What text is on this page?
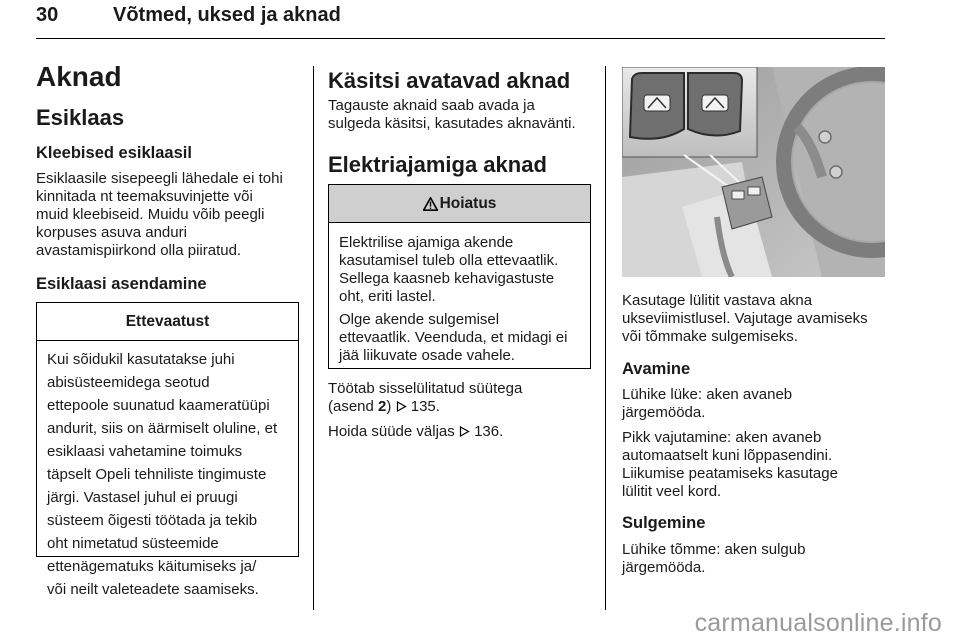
30	Võtmed, uksed ja aknad
Aknad
Esiklaas
Kleebised esiklaasil

Esiklaasile sisepeegli lähedale ei tohi

kinnitada nt teemaksuvinjette või

muid kleebiseid. Muidu võib peegli

korpuses asuva anduri

avastamispiirkond olla piiratud.

Esiklaasi asendamine
Ettevaatust

Kui sõidukil kasutatakse juhi

abisüsteemidega seotud

ettepoole suunatud kaameratüüpi

andurit, siis on äärmiselt oluline, et

esiklaasi vahetamine toimuks

täpselt Opeli tehniliste tingimuste

järgi. Vastasel juhul ei pruugi

süsteem õigesti töötada ja tekib

oht nimetatud süsteemide

ettenägematuks käitumiseks ja/

või neilt valeteadete saamiseks.

Käsitsi avatavad aknad

Tagauste aknaid saab avada ja

sulgeda käsitsi, kasutades aknavänti.

Elektriajamiga aknad
Hoiatus

Elektrilise ajamiga akende
kasutamisel tuleb olla ettevaatlik.
Sellega kaasneb kehavigastuste
oht, eriti lastel.

Olge akende sulgemisel
ettevaatlik. Veenduda, et midagi ei
jää liikuvate osade vahele.

Töötab sisselülitatud süütega

(asend 2)  135.

Hoida süüde väljas  136.

Kasutage lülitit vastava akna

ukseviimistlusel. Vajutage avamiseks

või tõmmake sulgemiseks.

Avamine

Lühike lüke: aken avaneb

järgemööda.

Pikk vajutamine: aken avaneb

automaatselt kuni lõppasendini.

Liikumise peatamiseks kasutage

lülitit veel kord.

Sulgemine

Lühike tõmme: aken sulgub

järgemööda.

carmanualsonline.info
